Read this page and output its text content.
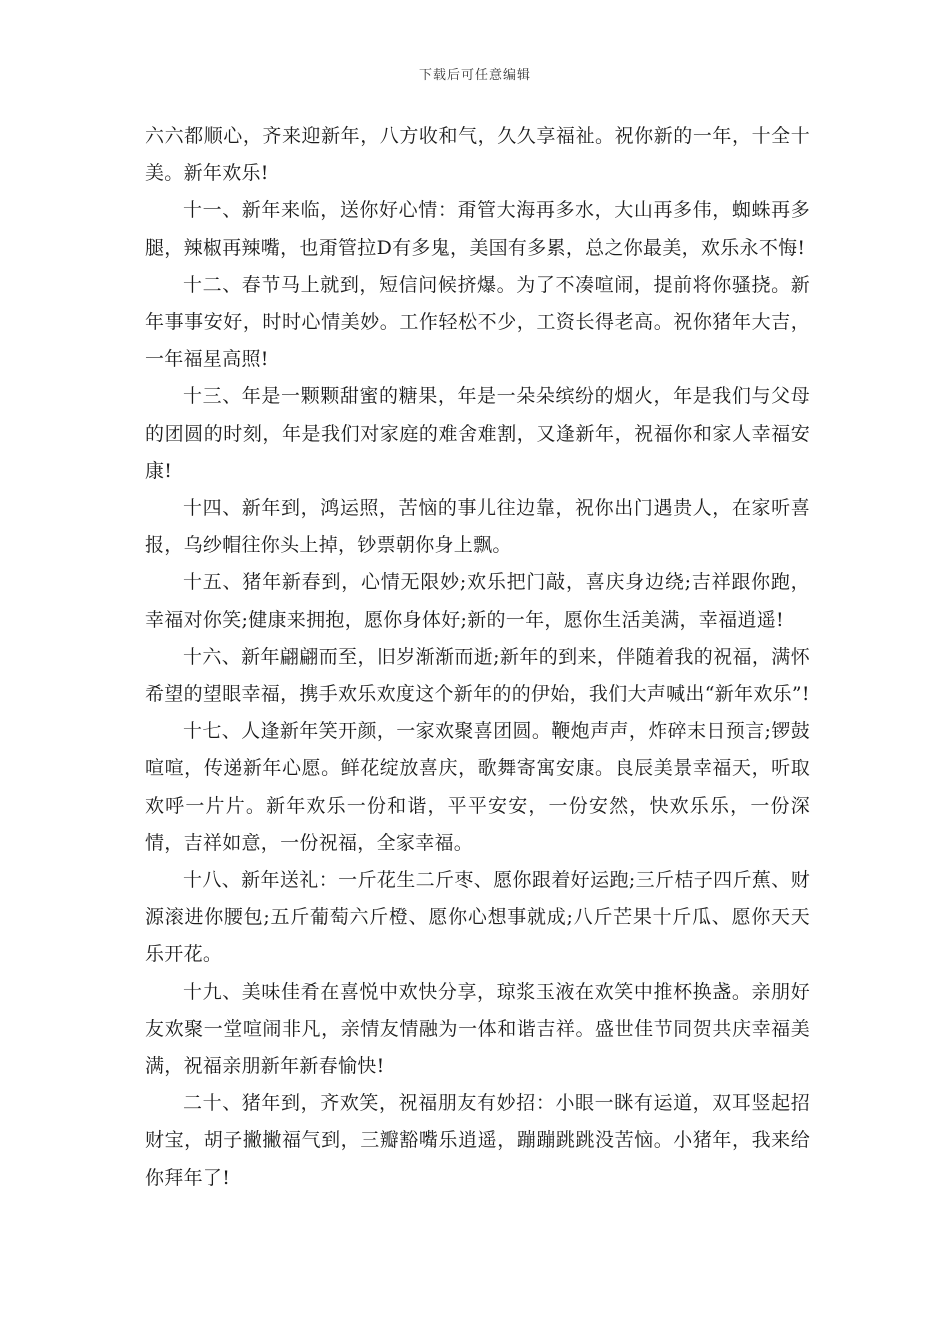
下载后可任意编辑

六六都顺心，齐来迎新年，八方收和气，久久享福祉。祝你新的一年，十全十美。新年欢乐!

十一、新年来临，送你好心情：甭管大海再多水，大山再多伟，蜘蛛再多腿，辣椒再辣嘴，也甭管拉D有多鬼，美国有多累，总之你最美，欢乐永不悔!

十二、春节马上就到，短信问候挤爆。为了不凑喧闹，提前将你骚挠。新年事事安好，时时心情美妙。工作轻松不少，工资长得老高。祝你猪年大吉，一年福星高照!

十三、年是一颗颗甜蜜的糖果，年是一朵朵缤纷的烟火，年是我们与父母的团圆的时刻，年是我们对家庭的难舍难割，又逢新年，祝福你和家人幸福安康!

十四、新年到，鸿运照，苦恼的事儿往边靠，祝你出门遇贵人，在家听喜报，乌纱帽往你头上掉，钞票朝你身上飘。

十五、猪年新春到，心情无限妙;欢乐把门敲，喜庆身边绕;吉祥跟你跑，幸福对你笑;健康来拥抱，愿你身体好;新的一年，愿你生活美满，幸福逍遥!

十六、新年翩翩而至，旧岁渐渐而逝;新年的到来，伴随着我的祝福，满怀希望的望眼幸福，携手欢乐欢度这个新年的的伊始，我们大声喊出“新年欢乐”!

十七、人逢新年笑开颜，一家欢聚喜团圆。鞭炮声声，炸碎末日预言;锣鼓喧喧，传递新年心愿。鲜花绽放喜庆，歌舞寄寓安康。良辰美景幸福天，听取欢呼一片片。新年欢乐一份和谐，平平安安，一份安然，快欢乐乐，一份深情，吉祥如意，一份祝福，全家幸福。

十八、新年送礼：一斤花生二斤枣、愿你跟着好运跑;三斤桔子四斤蕉、财源滚进你腰包;五斤葡萄六斤橙、愿你心想事就成;八斤芒果十斤瓜、愿你天天乐开花。

十九、美味佳肴在喜悦中欢快分享，琼浆玉液在欢笑中推杯换盏。亲朋好友欢聚一堂喧闹非凡，亲情友情融为一体和谐吉祥。盛世佳节同贺共庆幸福美满，祝福亲朋新年新春愉快!

二十、猪年到，齐欢笑，祝福朋友有妙招：小眼一眯有运道，双耳竖起招财宝，胡子撇撇福气到，三瓣豁嘴乐逍遥，蹦蹦跳跳没苦恼。小猪年，我来给你拜年了!
